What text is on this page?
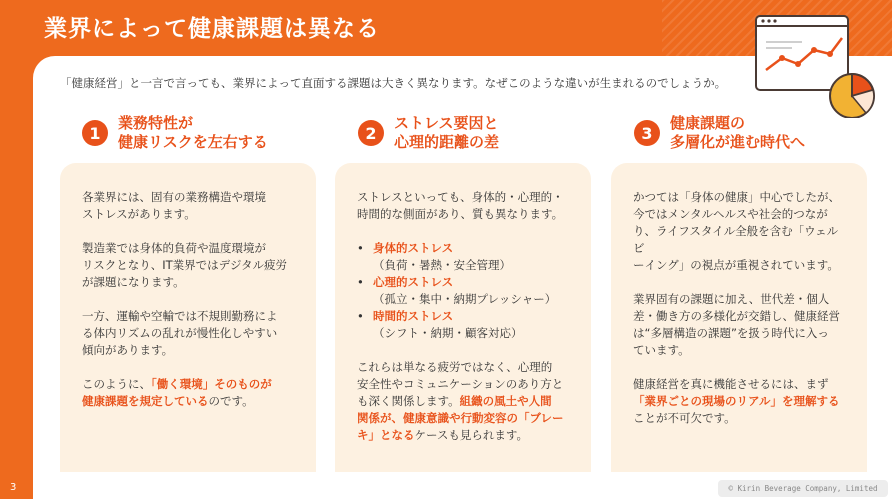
業界によって健康課題は異なる

「健康経営」と一言で言っても、業界によって直面する課題は大きく異なります。なぜこのような違いが生まれるのでしょうか。

1
業務特性が
健康リスクを左右する

各業界には、固有の業務構造や環境
ストレスがあります。

製造業では身体的負荷や温度環境が
リスクとなり、IT業界ではデジタル疲労
が課題になります。

一方、運輸や空輸では不規則勤務によ
る体内リズムの乱れが慢性化しやすい
傾向があります。

このように、「働く環境」そのものが
健康課題を規定しているのです。

2
ストレス要因と
心理的距離の差

ストレスといっても、身体的・心理的・
時間的な側面があり、質も異なります。

• 身体的ストレス
（負荷・暑熱・安全管理）
• 心理的ストレス
（孤立・集中・納期プレッシャー）
• 時間的ストレス
（シフト・納期・顧客対応）

これらは単なる疲労ではなく、心理的
安全性やコミュニケーションのあり方と
も深く関係します。組織の風土や人間
関係が、健康意識や行動変容の「ブレー
キ」となるケースも見られます。

3
健康課題の
多層化が進む時代へ

かつては「身体の健康」中心でしたが、
今ではメンタルヘルスや社会的つなが
り、ライフスタイル全般を含む「ウェルビ
ーイング」の視点が重視されています。

業界固有の課題に加え、世代差・個人
差・働き方の多様化が交錯し、健康経営
は“多層構造の課題”を扱う時代に入っ
ています。

健康経営を真に機能させるには、まず
「業界ごとの現場のリアル」を理解する
ことが不可欠です。

3	© Kirin Beverage Company, Limited
